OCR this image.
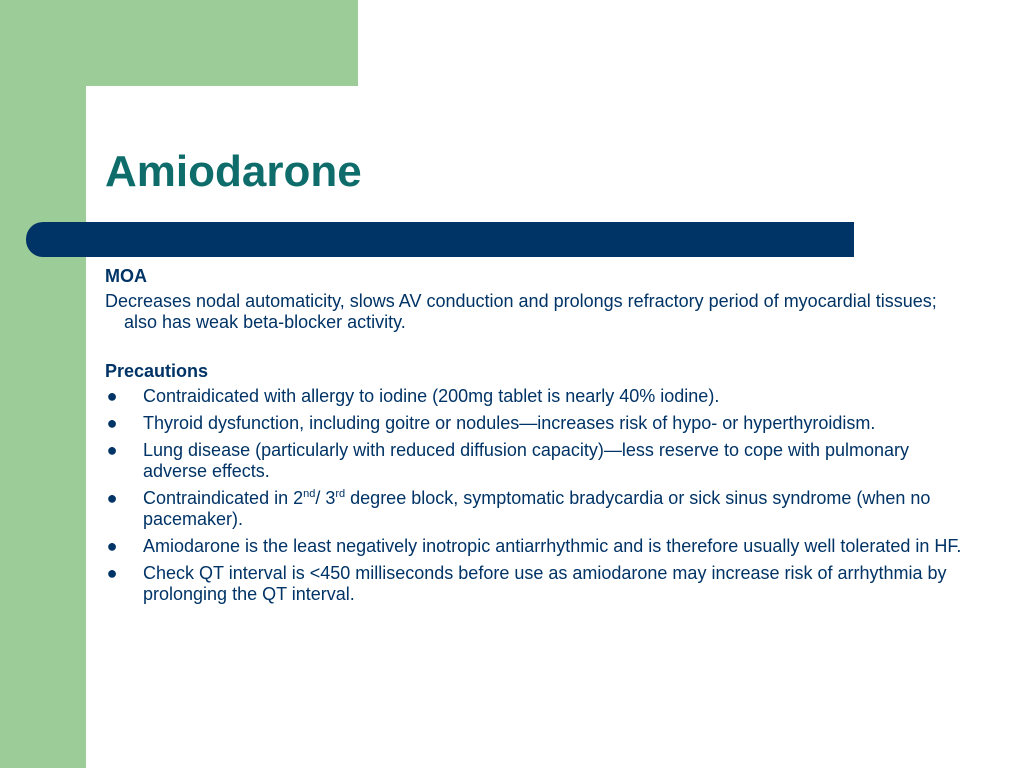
Amiodarone

MOA

Decreases nodal automaticity, slows AV conduction and prolongs refractory period of myocardial tissues; also has weak beta-blocker activity.

Precautions

● Contraidicated with allergy to iodine (200mg tablet is nearly 40% iodine).
● Thyroid dysfunction, including goitre or nodules—increases risk of hypo- or hyperthyroidism.
● Lung disease (particularly with reduced diffusion capacity)—less reserve to cope with pulmonary adverse effects.
● Contraindicated in 2nd/ 3rd degree block, symptomatic bradycardia or sick sinus syndrome (when no pacemaker).
● Amiodarone is the least negatively inotropic antiarrhythmic and is therefore usually well tolerated in HF.
● Check QT interval is <450 milliseconds before use as amiodarone may increase risk of arrhythmia by prolonging the QT interval.
